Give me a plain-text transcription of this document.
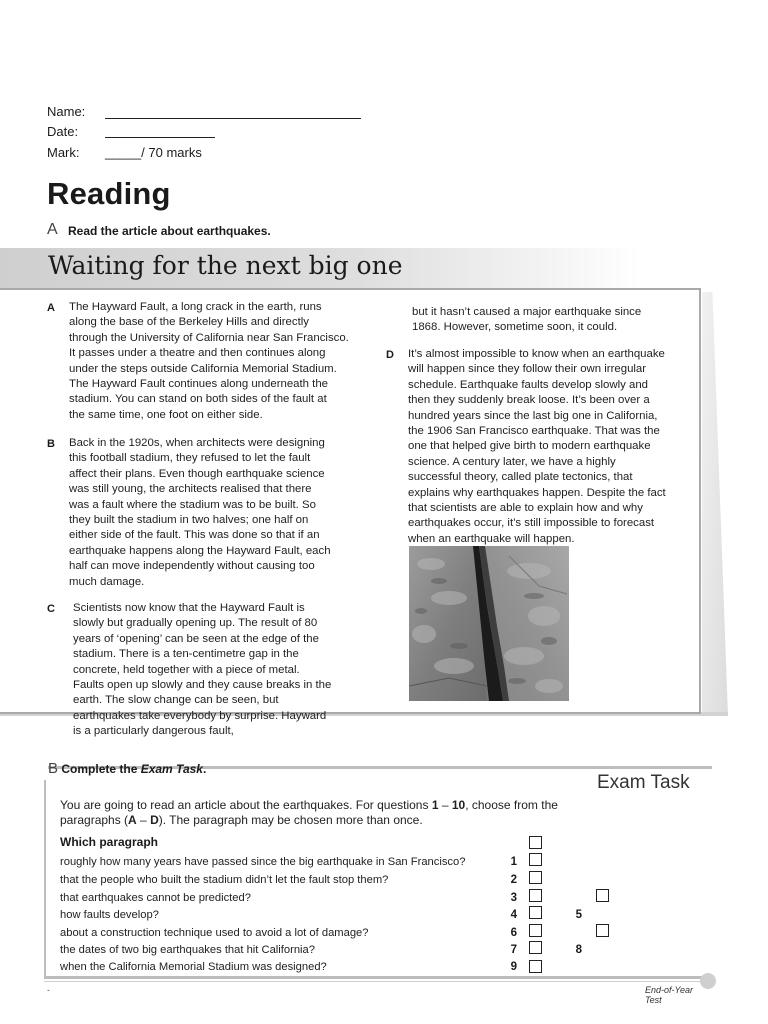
Name:
Date:
Mark: _____/ 70 marks
Reading
A Read the article about earthquakes.
Waiting for the next big one
A The Hayward Fault, a long crack in the earth, runs
along the base of the Berkeley Hills and directly
through the University of California near San Francisco.
It passes under a theatre and then continues along
under the steps outside California Memorial Stadium.
The Hayward Fault continues along underneath the
stadium. You can stand on both sides of the fault at
the same time, one foot on either side.
B Back in the 1920s, when architects were designing
this football stadium, they refused to let the fault
affect their plans. Even though earthquake science
was still young, the architects realised that there
was a fault where the stadium was to be built. So
they built the stadium in two halves; one half on
either side of the fault. This was done so that if an
earthquake happens along the Hayward Fault, each
half can move independently without causing too
much damage.
C Scientists now know that the Hayward Fault is
slowly but gradually opening up. The result of 80
years of ‘opening’ can be seen at the edge of the
stadium. There is a ten-centimetre gap in the
concrete, held together with a piece of metal.
Faults open up slowly and they cause breaks in the
earth. The slow change can be seen, but
earthquakes take everybody by surprise. Hayward
is a particularly dangerous fault,
but it hasn’t caused a major earthquake since
1868. However, sometime soon, it could.
D It’s almost impossible to know when an earthquake
will happen since they follow their own irregular
schedule. Earthquake faults develop slowly and
then they suddenly break loose. It’s been over a
hundred years since the last big one in California,
the 1906 San Francisco earthquake. That was the
one that helped give birth to modern earthquake
science. A century later, we have a highly
successful theory, called plate tectonics, that
explains why earthquakes happen. Despite the fact
that scientists are able to explain how and why
earthquakes occur, it’s still impossible to forecast
when an earthquake will happen.
B Complete the Exam Task.
Exam Task
You are going to read an article about the earthquakes. For questions 1 – 10, choose from the paragraphs (A – D). The paragraph may be chosen more than once.
Which paragraph
roughly how many years have passed since the big earthquake in San Francisco?	1
that the people who built the stadium didn’t let the fault stop them?	2
that earthquakes cannot be predicted?	3
how faults develop?	4	5
about a construction technique used to avoid a lot of damage?	6
the dates of two big earthquakes that hit California?	7	8
when the California Memorial Stadium was designed?	9
-	End-of-Year
Test
